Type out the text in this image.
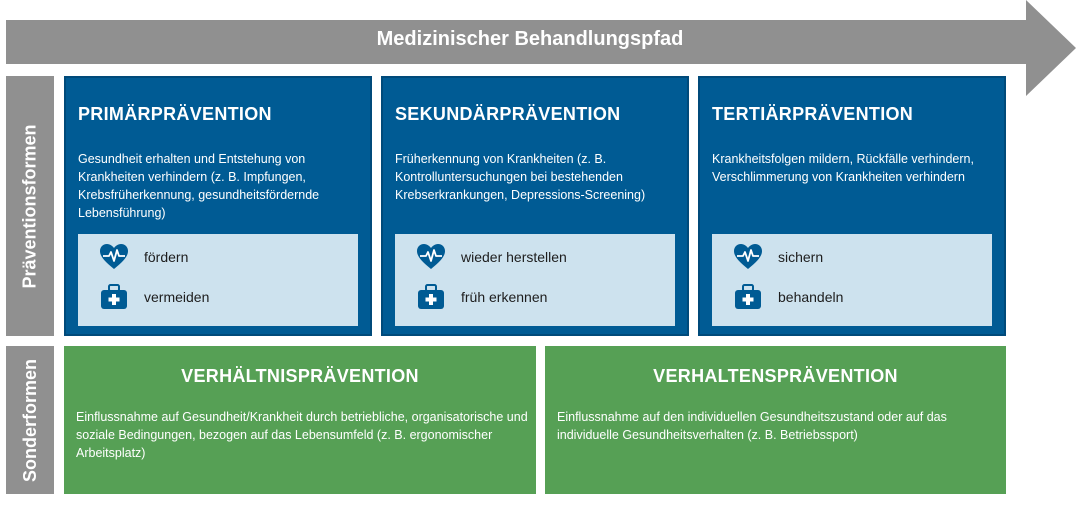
Medizinischer Behandlungspfad
Präventionsformen
Sonderformen
PRIMÄRPRÄVENTION

Gesundheit erhalten und Entstehung von Krankheiten verhindern (z. B. Impfungen, Krebsfrüherkennung, gesundheitsfördernde Lebensführung)

fördern
vermeiden
SEKUNDÄRPRÄVENTION

Früherkennung von Krankheiten (z. B. Kontrolluntersuchungen bei bestehenden Krebserkrankungen, Depressions-Screening)

wieder herstellen
früh erkennen
TERTIÄRPRÄVENTION

Krankheitsfolgen mildern, Rückfälle verhindern, Verschlimmerung von Krankheiten verhindern

sichern
behandeln
VERHÄLTNISPRÄVENTION

Einflussnahme auf Gesundheit/Krankheit durch betriebliche, organisatorische und soziale Bedingungen, bezogen auf das Lebensumfeld (z. B. ergonomischer Arbeitsplatz)

VERHALTENSPRÄVENTION

Einflussnahme auf den individuellen Gesundheitszustand oder auf das individuelle Gesundheitsverhalten (z. B. Betriebssport)
